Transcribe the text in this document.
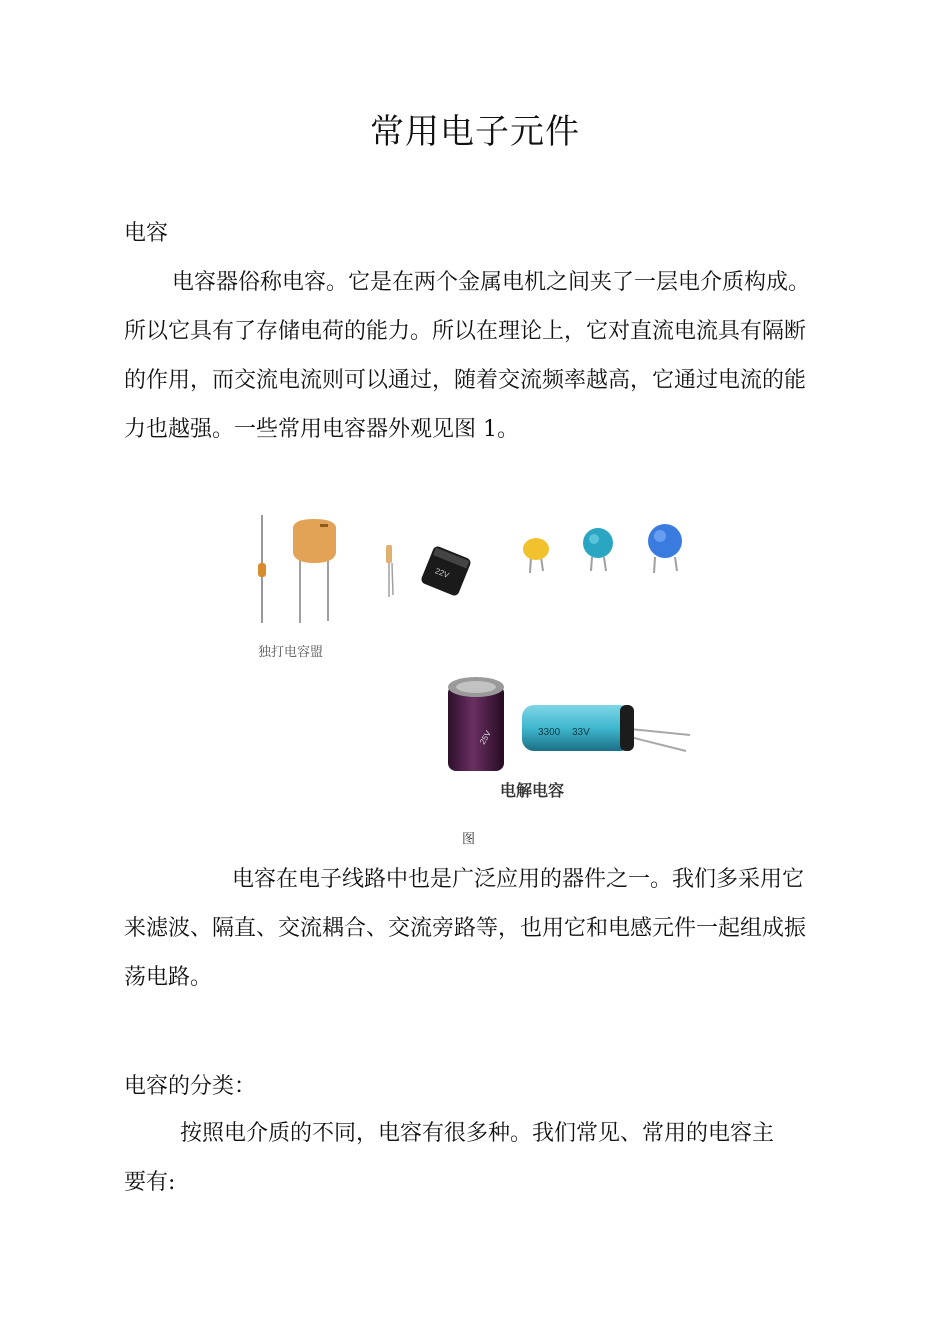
常用电子元件
电容

电容器俗称电容。它是在两个金属电机之间夹了一层电介质构成。
所以它具有了存储电荷的能力。所以在理论上，它对直流电流具有隔断
的作用，而交流电流则可以通过，随着交流频率越高，它通过电流的能
力也越强。一些常用电容器外观见图 1。

22V
25V	3300 33V

独打电容盟

电解电容

图

电容在电子线路中也是广泛应用的器件之一。我们多采用它
来滤波、隔直、交流耦合、交流旁路等，也用它和电感元件一起组成振
荡电路。

电容的分类：

按照电介质的不同，电容有很多种。我们常见、常用的电容主
要有:
